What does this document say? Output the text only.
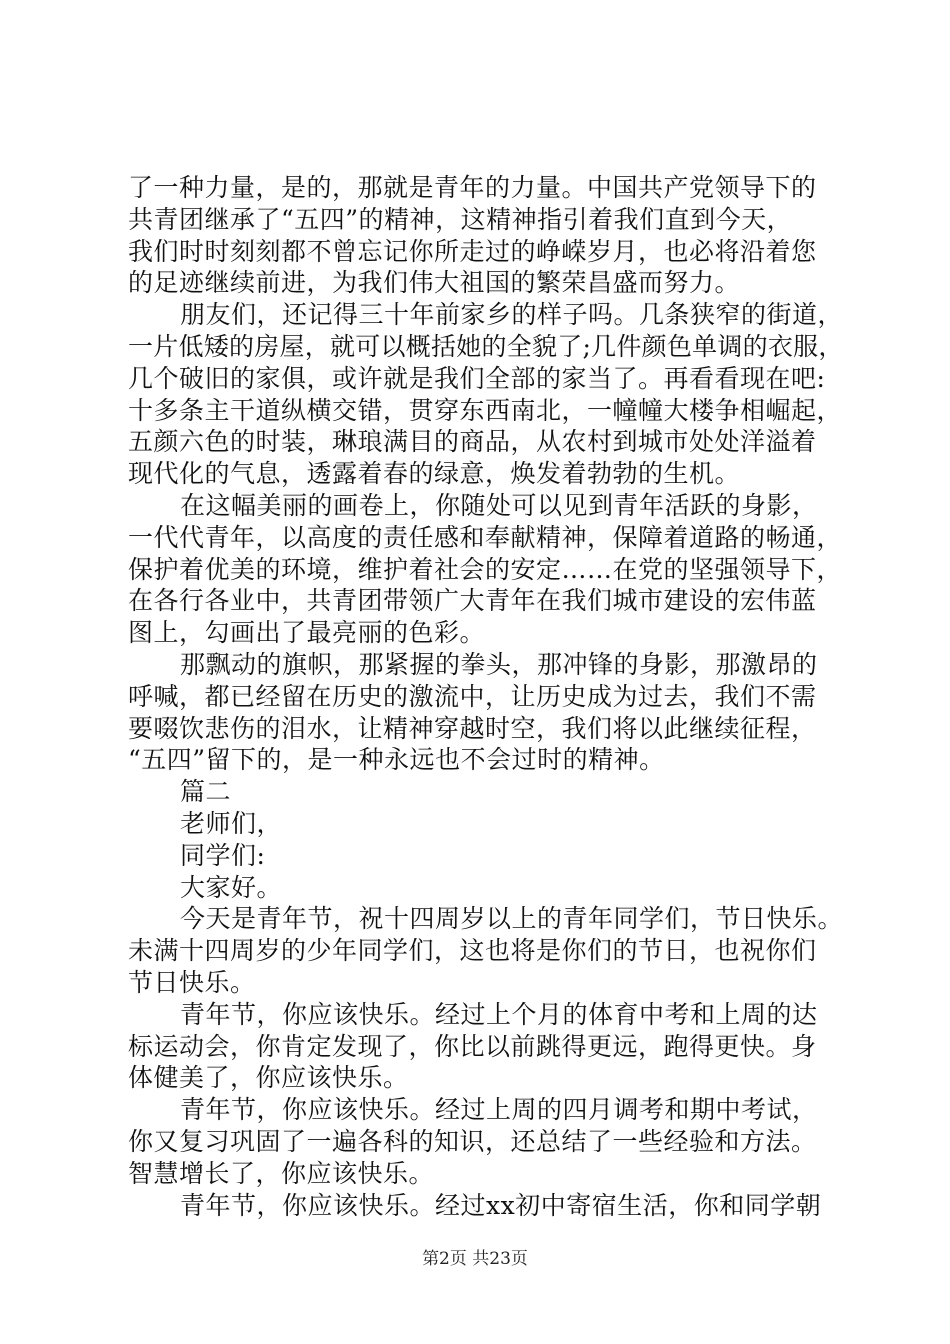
了一种力量，是的，那就是青年的力量。中国共产党领导下的
共青团继承了“五四”的精神，这精神指引着我们直到今天，
我们时时刻刻都不曾忘记你所走过的峥嵘岁月，也必将沿着您
的足迹继续前进，为我们伟大祖国的繁荣昌盛而努力。
朋友们，还记得三十年前家乡的样子吗。几条狭窄的街道，
一片低矮的房屋，就可以概括她的全貌了;几件颜色单调的衣服，
几个破旧的家俱，或许就是我们全部的家当了。再看看现在吧:
十多条主干道纵横交错，贯穿东西南北，一幢幢大楼争相崛起，
五颜六色的时装，琳琅满目的商品，从农村到城市处处洋溢着
现代化的气息，透露着春的绿意，焕发着勃勃的生机。
在这幅美丽的画卷上，你随处可以见到青年活跃的身影，
一代代青年，以高度的责任感和奉献精神，保障着道路的畅通，
保护着优美的环境，维护着社会的安定……在党的坚强领导下，
在各行各业中，共青团带领广大青年在我们城市建设的宏伟蓝
图上，勾画出了最亮丽的色彩。
那飘动的旗帜，那紧握的拳头，那冲锋的身影，那激昂的
呼喊，都已经留在历史的激流中，让历史成为过去，我们不需
要啜饮悲伤的泪水，让精神穿越时空，我们将以此继续征程，
“五四”留下的，是一种永远也不会过时的精神。
篇二
老师们，
同学们:
大家好。
今天是青年节，祝十四周岁以上的青年同学们，节日快乐。
未满十四周岁的少年同学们，这也将是你们的节日，也祝你们
节日快乐。
青年节，你应该快乐。经过上个月的体育中考和上周的达
标运动会，你肯定发现了，你比以前跳得更远，跑得更快。身
体健美了，你应该快乐。
青年节，你应该快乐。经过上周的四月调考和期中考试，
你又复习巩固了一遍各科的知识，还总结了一些经验和方法。
智慧增长了，你应该快乐。
青年节，你应该快乐。经过xx初中寄宿生活，你和同学朝
第2页 共23页
